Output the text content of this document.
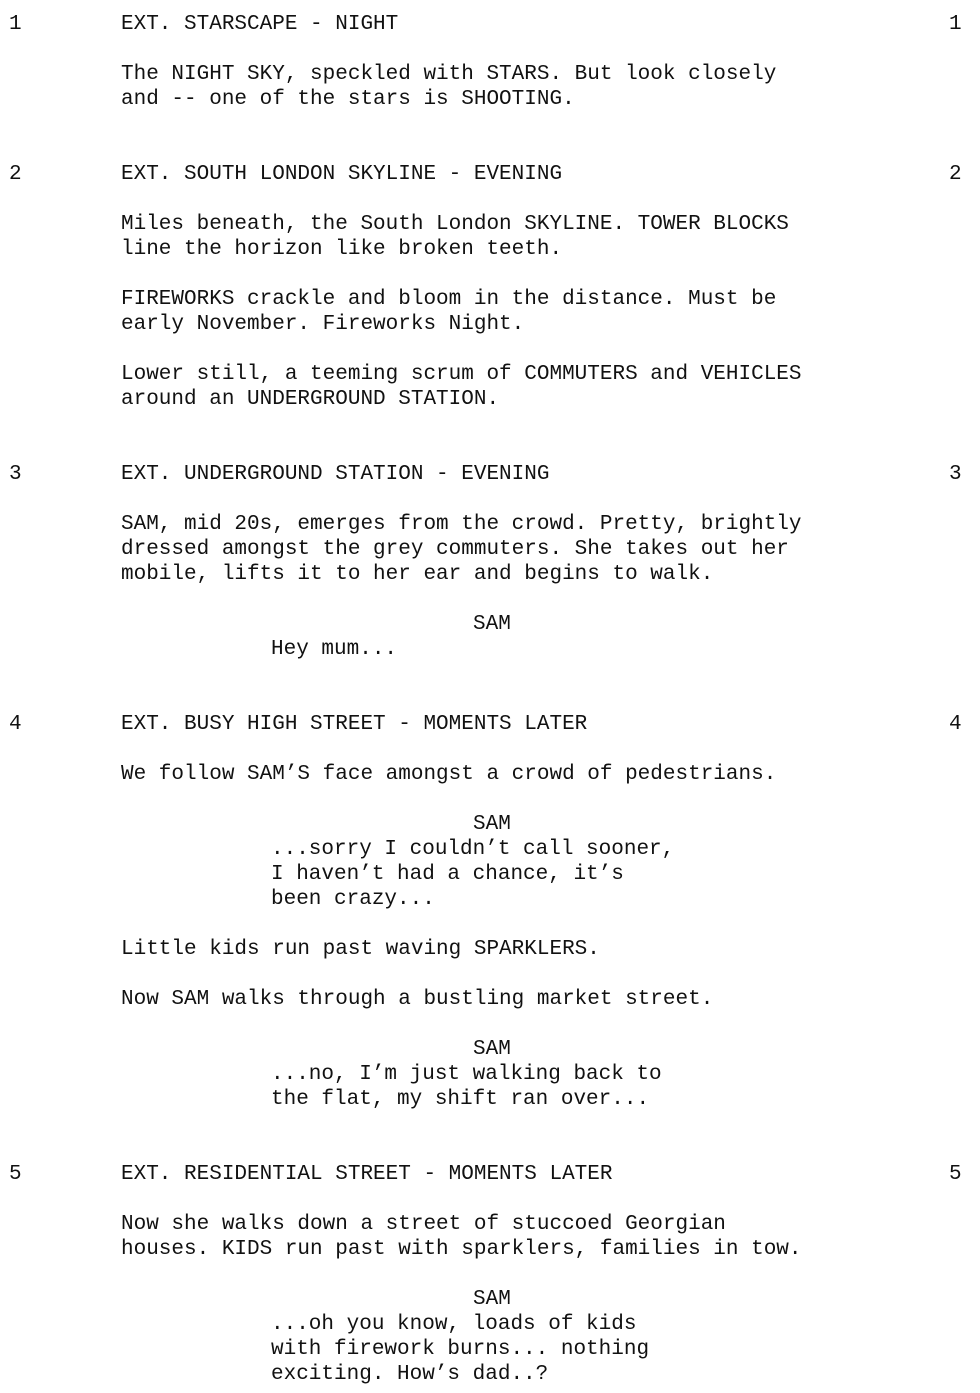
1	EXT. STARSCAPE - NIGHT	1
The NIGHT SKY, speckled with STARS. But look closely
and -- one of the stars is SHOOTING.
2	EXT. SOUTH LONDON SKYLINE - EVENING	2
Miles beneath, the South London SKYLINE. TOWER BLOCKS
line the horizon like broken teeth.
FIREWORKS crackle and bloom in the distance. Must be
early November. Fireworks Night.
Lower still, a teeming scrum of COMMUTERS and VEHICLES
around an UNDERGROUND STATION.
3	EXT. UNDERGROUND STATION - EVENING	3
SAM, mid 20s, emerges from the crowd. Pretty, brightly
dressed amongst the grey commuters. She takes out her
mobile, lifts it to her ear and begins to walk.
SAM
Hey mum...
4	EXT. BUSY HIGH STREET - MOMENTS LATER	4
We follow SAM’S face amongst a crowd of pedestrians.
SAM
...sorry I couldn’t call sooner,
I haven’t had a chance, it’s
been crazy...
Little kids run past waving SPARKLERS.
Now SAM walks through a bustling market street.
SAM
...no, I’m just walking back to
the flat, my shift ran over...
5	EXT. RESIDENTIAL STREET - MOMENTS LATER	5
Now she walks down a street of stuccoed Georgian
houses. KIDS run past with sparklers, families in tow.
SAM
...oh you know, loads of kids
with firework burns... nothing
exciting. How’s dad..?
